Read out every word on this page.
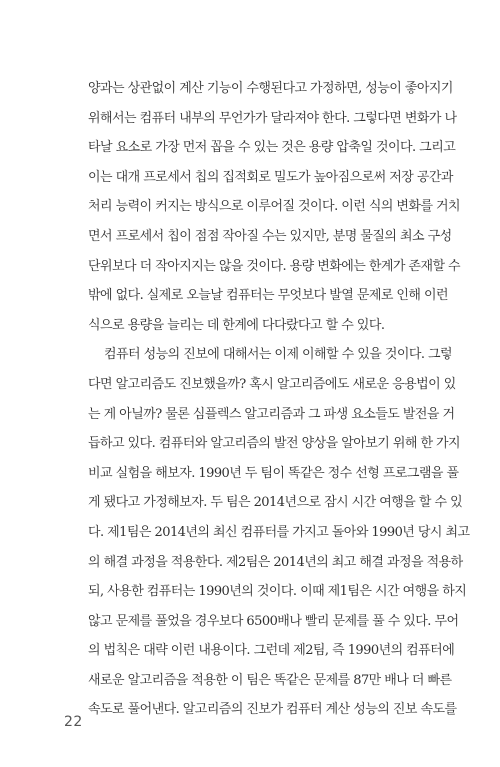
양과는 상관없이 계산 기능이 수행된다고 가정하면, 성능이 좋아지기
위해서는 컴퓨터 내부의 무언가가 달라져야 한다. 그렇다면 변화가 나
타날 요소로 가장 먼저 꼽을 수 있는 것은 용량 압축일 것이다. 그리고
이는 대개 프로세서 칩의 집적회로 밀도가 높아짐으로써 저장 공간과
처리 능력이 커지는 방식으로 이루어질 것이다. 이런 식의 변화를 거치
면서 프로세서 칩이 점점 작아질 수는 있지만, 분명 물질의 최소 구성
단위보다 더 작아지지는 않을 것이다. 용량 변화에는 한계가 존재할 수
밖에 없다. 실제로 오늘날 컴퓨터는 무엇보다 발열 문제로 인해 이런
식으로 용량을 늘리는 데 한계에 다다랐다고 할 수 있다.
컴퓨터 성능의 진보에 대해서는 이제 이해할 수 있을 것이다. 그렇
다면 알고리즘도 진보했을까? 혹시 알고리즘에도 새로운 응용법이 있
는 게 아닐까? 물론 심플렉스 알고리즘과 그 파생 요소들도 발전을 거
듭하고 있다. 컴퓨터와 알고리즘의 발전 양상을 알아보기 위해 한 가지
비교 실험을 해보자. 1990년 두 팀이 똑같은 정수 선형 프로그램을 풀
게 됐다고 가정해보자. 두 팀은 2014년으로 잠시 시간 여행을 할 수 있
다. 제1팀은 2014년의 최신 컴퓨터를 가지고 돌아와 1990년 당시 최고
의 해결 과정을 적용한다. 제2팀은 2014년의 최고 해결 과정을 적용하
되, 사용한 컴퓨터는 1990년의 것이다. 이때 제1팀은 시간 여행을 하지
않고 문제를 풀었을 경우보다 6500배나 빨리 문제를 풀 수 있다. 무어
의 법칙은 대략 이런 내용이다. 그런데 제2팀, 즉 1990년의 컴퓨터에
새로운 알고리즘을 적용한 이 팀은 똑같은 문제를 87만 배나 더 빠른
속도로 풀어낸다. 알고리즘의 진보가 컴퓨터 계산 성능의 진보 속도를
22
